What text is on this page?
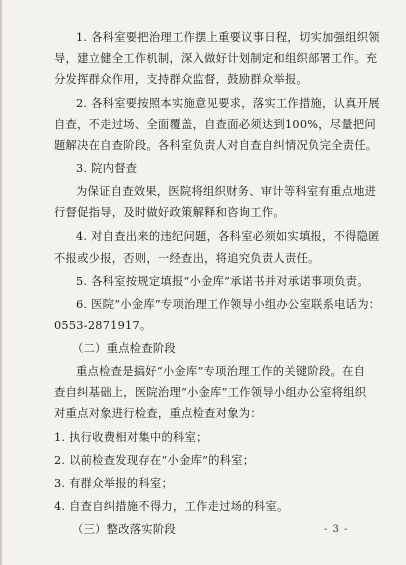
1. 各科室要把治理工作摆上重要议事日程，切实加强组织领
导，建立健全工作机制，深入做好计划制定和组织部署工作。充
分发挥群众作用，支持群众监督，鼓励群众举报。
2. 各科室要按照本实施意见要求，落实工作措施，认真开展
自查，不走过场、全面覆盖，自查面必须达到100%，尽量把问
题解决在自查阶段。各科室负责人对自查自纠情况负完全责任。
3. 院内督查
为保证自查效果，医院将组织财务、审计等科室有重点地进
行督促指导，及时做好政策解释和咨询工作。
4. 对自查出来的违纪问题，各科室必须如实填报，不得隐匿
不报或少报，否则，一经查出，将追究负责人责任。
5. 各科室按规定填报“小金库”承诺书并对承诺事项负责。
6. 医院“小金库”专项治理工作领导小组办公室联系电话为：
0553-2871917。
（二）重点检查阶段
重点检查是搞好“小金库”专项治理工作的关键阶段。在自
查自纠基础上，医院治理“小金库”工作领导小组办公室将组织
对重点对象进行检查，重点检查对象为：
1. 执行收费相对集中的科室；
2. 以前检查发现存在“小金库”的科室；
3. 有群众举报的科室；
4. 自查自纠措施不得力，工作走过场的科室。
（三）整改落实阶段	- 3 -
